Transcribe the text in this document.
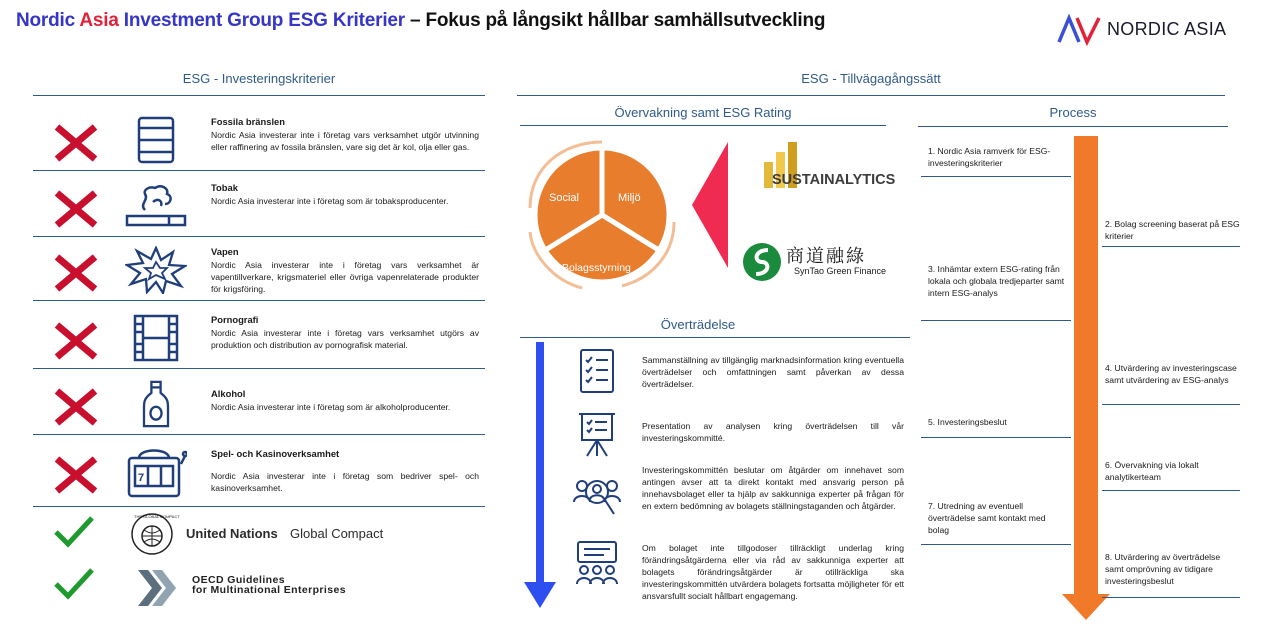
Nordic Asia Investment Group ESG Kriterier – Fokus på långsikt hållbar samhällsutveckling	NORDIC ASIA
ESG - Investeringskriterier
Fossila bränslen
Nordic Asia investerar inte i företag vars verksamhet utgör utvinning eller raffinering av fossila bränslen, vare sig det är kol, olja eller gas.
Tobak
Nordic Asia investerar inte i företag som är tobaksproducenter.
Vapen
Nordic Asia investerar inte i företag vars verksamhet är vapentillverkare, krigsmateriel eller övriga vapenrelaterade produkter för krigsföring.
Pornografi
Nordic Asia investerar inte i företag vars verksamhet utgörs av produktion och distribution av pornografisk material.
Alkohol
Nordic Asia investerar inte i företag som är alkoholproducenter.
7
Spel- och Kasinoverksamhet
Nordic Asia investerar inte i företag som bedriver spel- och kasinoverksamhet.
THE GLOBAL COMPACT
United Nations Global Compact
OECD Guidelines
for Multinational Enterprises
ESG - Tillvägagångssätt
Övervakning samt ESG Rating
Social	Miljö
Bolagsstyrning
SUSTAINALYTICS
商道融綠
SynTao Green Finance
Överträdelse
Sammanställning av tillgänglig marknadsinformation kring eventuella överträdelser och omfattningen samt påverkan av dessa överträdelser.
Presentation av analysen kring överträdelsen till vår investeringskommitté.
Investeringskommittén beslutar om åtgärder om innehavet som antingen avser att ta direkt kontakt med ansvarig person på innehavsbolaget eller ta hjälp av sakkunniga experter på frågan för en extern bedömning av bolagets ställningstaganden och åtgärder.
Om bolaget inte tillgodoser tillräckligt underlag kring förändringsåtgärderna eller via råd av sakkunniga experter att bolagets förändringsåtgärder är otillräckliga ska investeringskommittén utvärdera bolagets fortsatta möjligheter för ett ansvarsfullt socialt hållbart engagemang.
Process
1. Nordic Asia ramverk för ESG-investeringskriterier
2. Bolag screening baserat på ESG kriterier
3. Inhämtar extern ESG-rating från lokala och globala tredjeparter samt intern ESG-analys
4. Utvärdering av investeringscase samt utvärdering av ESG-analys
5. Investeringsbeslut
6. Övervakning via lokalt analytikerteam
7. Utredning av eventuell överträdelse samt kontakt med bolag
8. Utvärdering av överträdelse samt omprövning av tidigare investeringsbeslut
